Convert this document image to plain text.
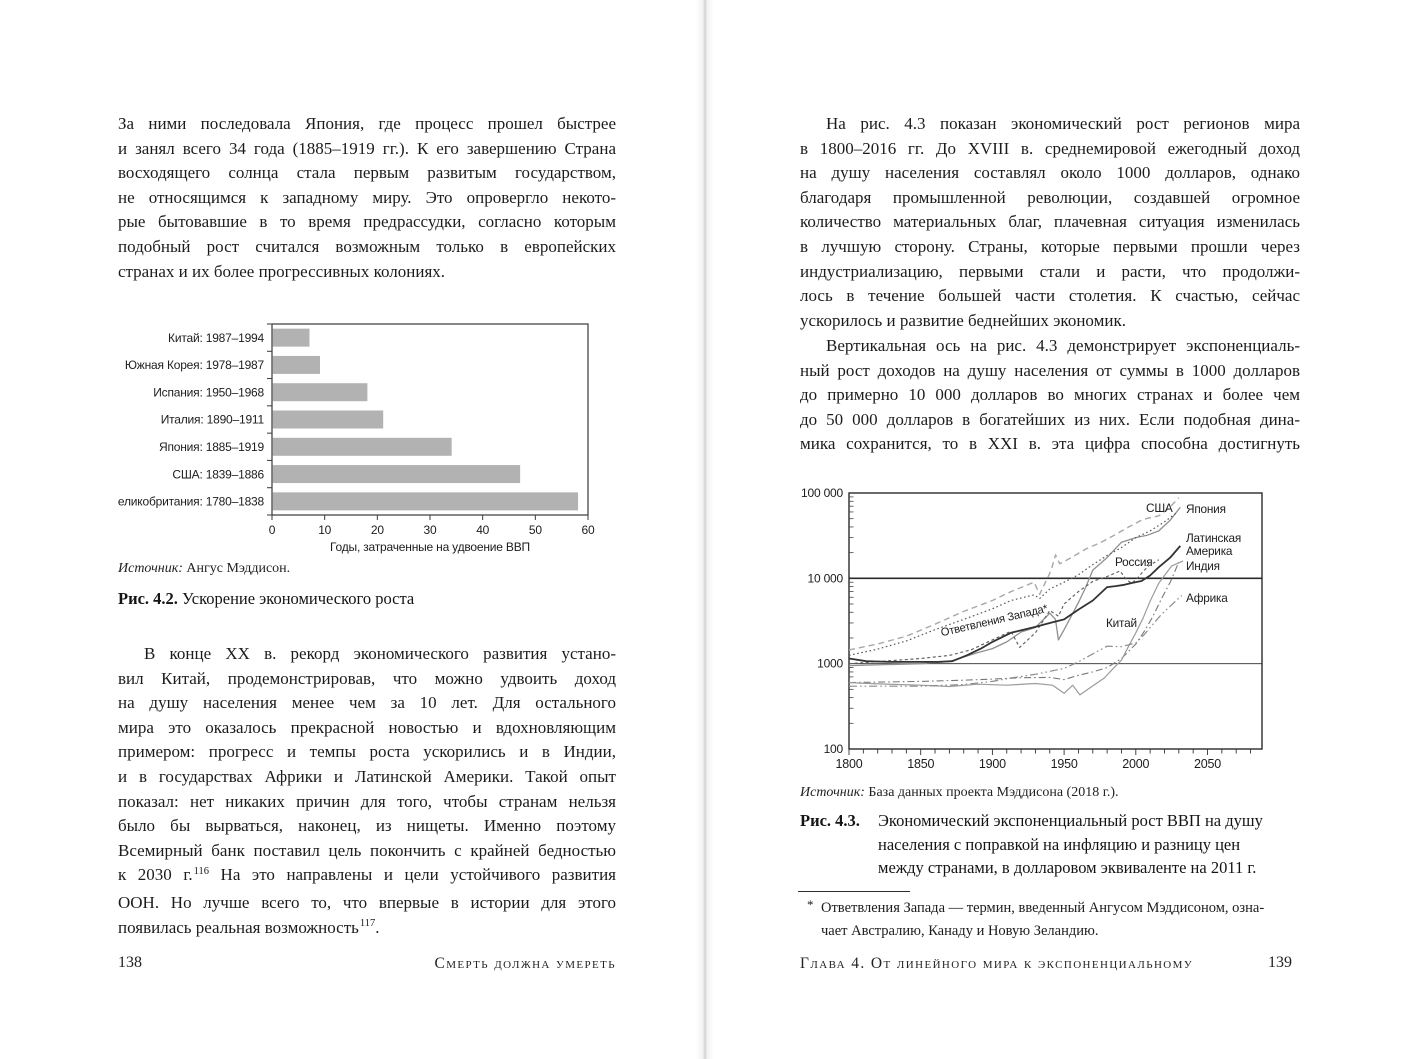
За ними последовала Япония, где процесс прошел быстрее
и занял всего 34 года (1885–1919 гг.). К его завершению Страна
восходящего солнца стала первым развитым государством,
не относящимся к западному миру. Это опровергло некото-
рые бытовавшие в то время предрассудки, согласно которым
подобный рост считался возможным только в европейских
странах и их более прогрессивных колониях.
Китай: 1987–1994
Южная Корея: 1978–1987
Испания: 1950–1968
Италия: 1890–1911
Япония: 1885–1919
США: 1839–1886
Великобритания: 1780–1838
0	10	20	30	40	50	60
Годы, затраченные на удвоение ВВП
Источник: Ангус Мэддисон.
Рис. 4.2. Ускорение экономического роста
В конце XX в. рекорд экономического развития устано-
вил Китай, продемонстрировав, что можно удвоить доход
на душу населения менее чем за 10 лет. Для остального
мира это оказалось прекрасной новостью и вдохновляющим
примером: прогресс и темпы роста ускорились и в Индии,
и в государствах Африки и Латинской Америки. Такой опыт
показал: нет никаких причин для того, чтобы странам нельзя
было бы вырваться, наконец, из нищеты. Именно поэтому
Всемирный банк поставил цель покончить с крайней бедностью
к 2030 г.$^{116}$ На это направлены и цели устойчивого развития
ООН. Но лучше всего то, что впервые в истории для этого
появилась реальная возможность$^{117}$.
138	Смерть должна умереть
На рис. 4.3 показан экономический рост регионов мира
в 1800–2016 гг. До XVIII в. среднемировой ежегодный доход
на душу населения составлял около 1000 долларов, однако
благодаря промышленной революции, создавшей огромное
количество материальных благ, плачевная ситуация изменилась
в лучшую сторону. Страны, которые первыми прошли через
индустриализацию, первыми стали и расти, что продолжи-
лось в течение большей части столетия. К счастью, сейчас
ускорилось и развитие беднейших экономик.
Вертикальная ось на рис. 4.3 демонстрирует экспоненциаль-
ный рост доходов на душу населения от суммы в 1000 долларов
до примерно 10 000 долларов во многих странах и более чем
до 50 000 долларов в богатейших из них. Если подобная дина-
мика сохранится, то в XXI в. эта цифра способна достигнуть
100 000
10 000
1000
100
1800	1850	1900	1950	2000	2050
США Япония
Россия
Латинская
Америка
Индия
Китай
Африка
Ответвления Запада*
Источник: База данных проекта Мэддисона (2018 г.).
Рис. 4.3.	Экономический экспоненциальный рост ВВП на душу
населения с поправкой на инфляцию и разницу цен
между странами, в долларовом эквиваленте на 2011 г.
* Ответвления Запада — термин, введенный Ангусом Мэддисоном, озна-
чает Австралию, Канаду и Новую Зеландию.
Глава 4. От линейного мира к экспоненциальному	139
